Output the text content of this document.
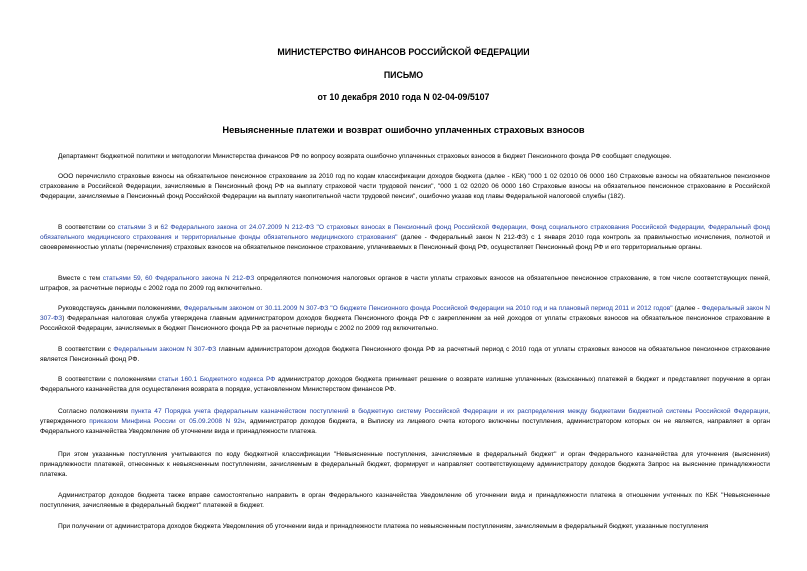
МИНИСТЕРСТВО ФИНАНСОВ РОССИЙСКОЙ ФЕДЕРАЦИИ
ПИСЬМО
от 10 декабря 2010 года N 02-04-09/5107
Невыясненные платежи и возврат ошибочно уплаченных страховых взносов

Департамент бюджетной политики и методологии Министерства финансов РФ по вопросу возврата ошибочно уплаченных страховых взносов в бюджет Пенсионного фонда РФ сообщает следующее.

ООО перечислило страховые взносы на обязательное пенсионное страхование за 2010 год по кодам классификации доходов бюджета (далее - КБК) "000 1 02 02010 06 0000 160 Страховые взносы на обязательное пенсионное страхование в Российской Федерации, зачисляемые в Пенсионный фонд РФ на выплату страховой части трудовой пенсии", "000 1 02 02020 06 0000 160 Страховые взносы на обязательное пенсионное страхование в Российской Федерации, зачисляемые в Пенсионный фонд Российской Федерации на выплату накопительной части трудовой пенсии", ошибочно указав код главы Федеральной налоговой службы (182).

В соответствии со статьями 3 и 62 Федерального закона от 24.07.2009 N 212-ФЗ "О страховых взносах в Пенсионный фонд Российской Федерации, Фонд социального страхования Российской Федерации, Федеральный фонд обязательного медицинского страхования и территориальные фонды обязательного медицинского страхования" (далее - Федеральный закон N 212-ФЗ) с 1 января 2010 года контроль за правильностью исчисления, полнотой и своевременностью уплаты (перечисления) страховых взносов на обязательное пенсионное страхование, уплачиваемых в Пенсионный фонд РФ, осуществляет Пенсионный фонд РФ и его территориальные органы.

Вместе с тем статьями 59, 60 Федерального закона N 212-ФЗ определяются полномочия налоговых органов в части уплаты страховых взносов на обязательное пенсионное страхование, в том числе соответствующих пеней, штрафов, за расчетные периоды с 2002 года по 2009 год включительно.

Руководствуясь данными положениями, Федеральным законом от 30.11.2009 N 307-ФЗ "О бюджете Пенсионного фонда Российской Федерации на 2010 год и на плановый период 2011 и 2012 годов" (далее - Федеральный закон N 307-ФЗ) Федеральная налоговая служба утверждена главным администратором доходов бюджета Пенсионного фонда РФ с закреплением за ней доходов от уплаты страховых взносов на обязательное пенсионное страхование в Российской Федерации, зачисляемых в бюджет Пенсионного фонда РФ за расчетные периоды с 2002 по 2009 год включительно.

В соответствии с Федеральным законом N 307-ФЗ главным администратором доходов бюджета Пенсионного фонда РФ за расчетный период с 2010 года от уплаты страховых взносов на обязательное пенсионное страхование является Пенсионный фонд РФ.

В соответствии с положениями статьи 160.1 Бюджетного кодекса РФ администратор доходов бюджета принимает решение о возврате излишне уплаченных (взысканных) платежей в бюджет и представляет поручение в орган Федерального казначейства для осуществления возврата в порядке, установленном Министерством финансов РФ.

Согласно положениям пункта 47 Порядка учета федеральным казначейством поступлений в бюджетную систему Российской Федерации и их распределения между бюджетами бюджетной системы Российской Федерации, утвержденного приказом Минфина России от 05.09.2008 N 92н, администратор доходов бюджета, в Выписку из лицевого счета которого включены поступления, администратором которых он не является, направляет в орган Федерального казначейства Уведомление об уточнении вида и принадлежности платежа.

При этом указанные поступления учитываются по коду бюджетной классификации "Невыясненные поступления, зачисляемые в федеральный бюджет" и орган Федерального казначейства для уточнения (выяснения) принадлежности платежей, отнесенных к невыясненным поступлениям, зачисляемым в федеральный бюджет, формирует и направляет соответствующему администратору доходов бюджета Запрос на выяснение принадлежности платежа.

Администратор доходов бюджета также вправе самостоятельно направить в орган Федерального казначейства Уведомление об уточнении вида и принадлежности платежа в отношении учтенных по КБК "Невыясненные поступления, зачисляемые в федеральный бюджет" платежей в бюджет.

При получении от администратора доходов бюджета Уведомления об уточнении вида и принадлежности платежа по невыясненным поступлениям, зачисляемым в федеральный бюджет, указанные поступления
